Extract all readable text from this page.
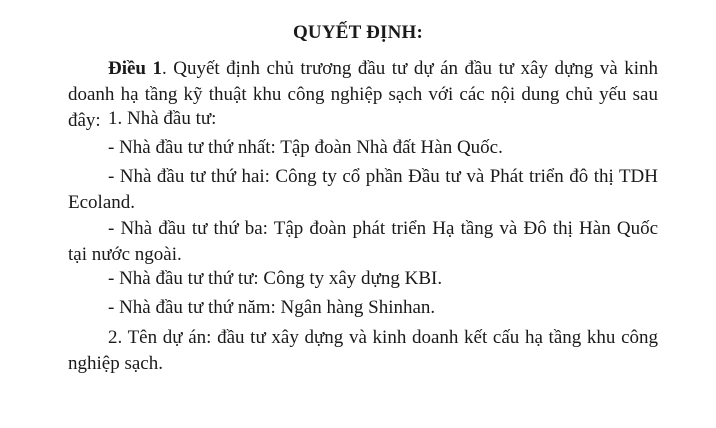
QUYẾT ĐỊNH:

Điều 1. Quyết định chủ trương đầu tư dự án đầu tư xây dựng và kinh doanh hạ tầng kỹ thuật khu công nghiệp sạch với các nội dung chủ yếu sau đây: 1. Nhà đầu tư:

- Nhà đầu tư thứ nhất: Tập đoàn Nhà đất Hàn Quốc.

- Nhà đầu tư thứ hai: Công ty cổ phần Đầu tư và Phát triển đô thị TDH Ecoland.

- Nhà đầu tư thứ ba: Tập đoàn phát triển Hạ tầng và Đô thị Hàn Quốc tại nước ngoài.

- Nhà đầu tư thứ tư: Công ty xây dựng KBI.

- Nhà đầu tư thứ năm: Ngân hàng Shinhan.

2. Tên dự án: đầu tư xây dựng và kinh doanh kết cấu hạ tầng khu công nghiệp sạch.
